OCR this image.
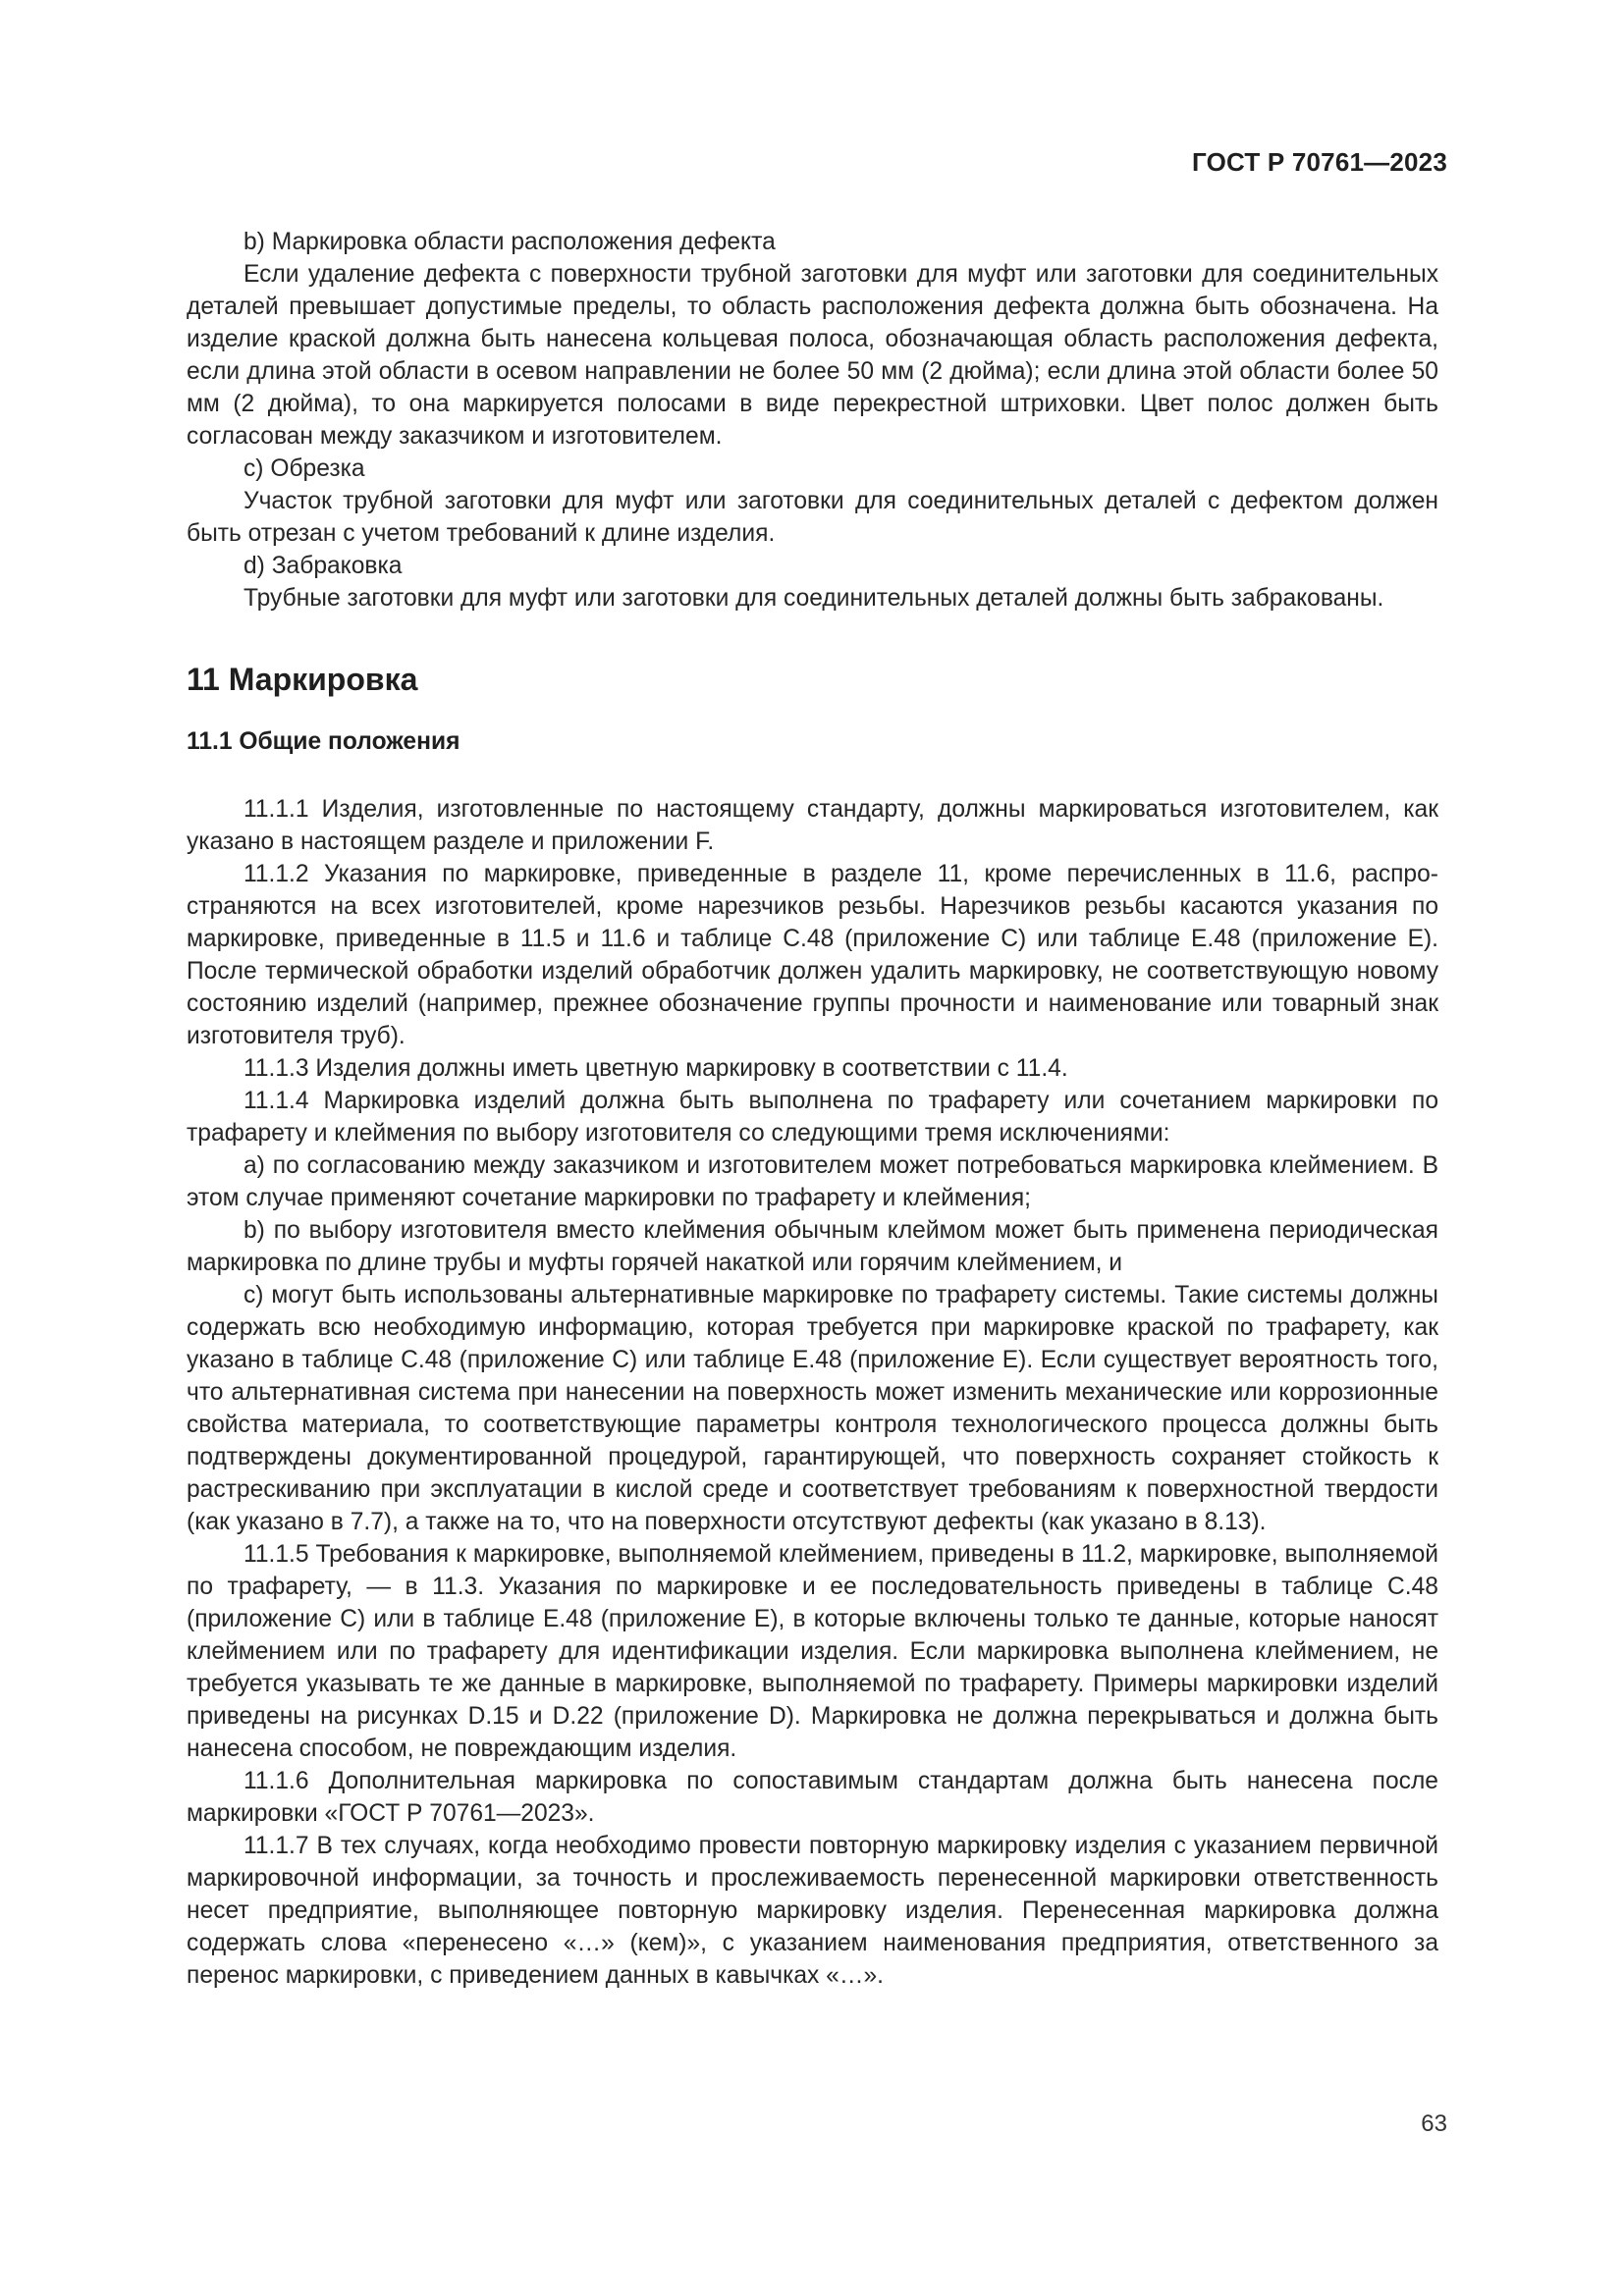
ГОСТ Р 70761—2023

b) Маркировка области расположения дефекта

Если удаление дефекта с поверхности трубной заготовки для муфт или заготовки для соединительных деталей превышает допустимые пределы, то область расположения дефекта должна быть обозначена. На изделие краской должна быть нанесена кольцевая полоса, обозначающая область расположения дефекта, если длина этой области в осевом направлении не более 50 мм (2 дюйма); если длина этой области более 50 мм (2 дюйма), то она маркируется полосами в виде перекрестной штриховки. Цвет полос должен быть согласован между заказчиком и изготовителем.

c) Обрезка

Участок трубной заготовки для муфт или заготовки для соединительных деталей с дефектом должен быть отрезан с учетом требований к длине изделия.

d) Забраковка

Трубные заготовки для муфт или заготовки для соединительных деталей должны быть забракованы.

11 Маркировка
11.1 Общие положения

11.1.1 Изделия, изготовленные по настоящему стандарту, должны маркироваться изготовителем, как указано в настоящем разделе и приложении F.

11.1.2 Указания по маркировке, приведенные в разделе 11, кроме перечисленных в 11.6, распространяются на всех изготовителей, кроме нарезчиков резьбы. Нарезчиков резьбы касаются указания по маркировке, приведенные в 11.5 и 11.6 и таблице С.48 (приложение С) или таблице Е.48 (приложение Е). После термической обработки изделий обработчик должен удалить маркировку, не соответствующую новому состоянию изделий (например, прежнее обозначение группы прочности и наименование или товарный знак изготовителя труб).

11.1.3 Изделия должны иметь цветную маркировку в соответствии с 11.4.

11.1.4 Маркировка изделий должна быть выполнена по трафарету или сочетанием маркировки по трафарету и клеймения по выбору изготовителя со следующими тремя исключениями:

a) по согласованию между заказчиком и изготовителем может потребоваться маркировка клеймением. В этом случае применяют сочетание маркировки по трафарету и клеймения;

b) по выбору изготовителя вместо клеймения обычным клеймом может быть применена периодическая маркировка по длине трубы и муфты горячей накаткой или горячим клеймением, и

c) могут быть использованы альтернативные маркировке по трафарету системы. Такие системы должны содержать всю необходимую информацию, которая требуется при маркировке краской по трафарету, как указано в таблице С.48 (приложение С) или таблице Е.48 (приложение Е). Если существует вероятность того, что альтернативная система при нанесении на поверхность может изменить механические или коррозионные свойства материала, то соответствующие параметры контроля технологического процесса должны быть подтверждены документированной процедурой, гарантирующей, что поверхность сохраняет стойкость к растрескиванию при эксплуатации в кислой среде и соответствует требованиям к поверхностной твердости (как указано в 7.7), а также на то, что на поверхности отсутствуют дефекты (как указано в 8.13).

11.1.5 Требования к маркировке, выполняемой клеймением, приведены в 11.2, маркировке, выполняемой по трафарету, — в 11.3. Указания по маркировке и ее последовательность приведены в таблице С.48 (приложение С) или в таблице Е.48 (приложение Е), в которые включены только те данные, которые наносят клеймением или по трафарету для идентификации изделия. Если маркировка выполнена клеймением, не требуется указывать те же данные в маркировке, выполняемой по трафарету. Примеры маркировки изделий приведены на рисунках D.15 и D.22 (приложение D). Маркировка не должна перекрываться и должна быть нанесена способом, не повреждающим изделия.

11.1.6 Дополнительная маркировка по сопоставимым стандартам должна быть нанесена после маркировки «ГОСТ Р 70761—2023».

11.1.7 В тех случаях, когда необходимо провести повторную маркировку изделия с указанием первичной маркировочной информации, за точность и прослеживаемость перенесенной маркировки ответственность несет предприятие, выполняющее повторную маркировку изделия. Перенесенная маркировка должна содержать слова «перенесено «…» (кем)», с указанием наименования предприятия, ответственного за перенос маркировки, с приведением данных в кавычках «…».

63
